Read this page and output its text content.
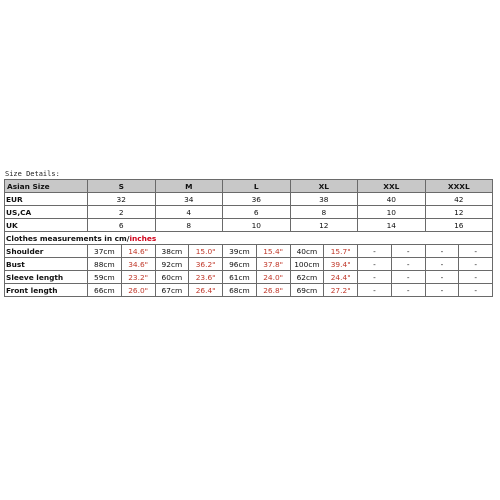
Size Details:
Asian Size	S		M		L		XL		XXL		XXXL	
EUR	32		34		36		38		40		42	
US,CA	2		4		6		8		10		12	
UK	6		8		10		12		14		16	
Clothes measurements in cm/inches												
Shoulder	37cm	14.6"	38cm	15.0"	39cm	15.4"	40cm	15.7"	-	-	-	-
Bust	88cm	34.6"	92cm	36.2"	96cm	37.8"	100cm	39.4"	-	-	-	-
Sleeve length	59cm	23.2"	60cm	23.6"	61cm	24.0"	62cm	24.4"	-	-	-	-
Front length	66cm	26.0"	67cm	26.4"	68cm	26.8"	69cm	27.2"	-	-	-	-
